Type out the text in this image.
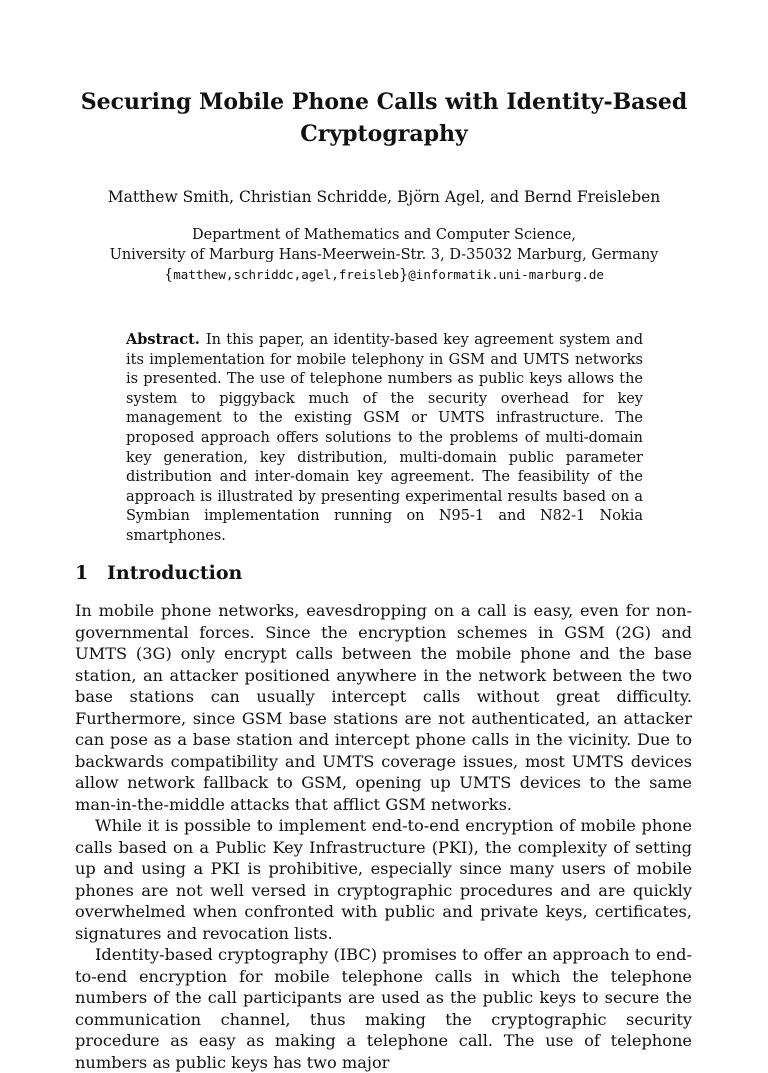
Securing Mobile Phone Calls with Identity-Based Cryptography
Matthew Smith, Christian Schridde, Björn Agel, and Bernd Freisleben
Department of Mathematics and Computer Science,
University of Marburg Hans-Meerwein-Str. 3, D-35032 Marburg, Germany
{matthew,schriddc,agel,freisleb}@informatik.uni-marburg.de

Abstract. In this paper, an identity-based key agreement system and its implementation for mobile telephony in GSM and UMTS networks is presented. The use of telephone numbers as public keys allows the system to piggyback much of the security overhead for key management to the existing GSM or UMTS infrastructure. The proposed approach offers solutions to the problems of multi-domain key generation, key distribution, multi-domain public parameter distribution and inter-domain key agreement. The feasibility of the approach is illustrated by presenting experimental results based on a Symbian implementation running on N95-1 and N82-1 Nokia smartphones.

1 Introduction

In mobile phone networks, eavesdropping on a call is easy, even for non- governmental forces. Since the encryption schemes in GSM (2G) and UMTS (3G) only encrypt calls between the mobile phone and the base station, an attacker positioned anywhere in the network between the two base stations can usually intercept calls without great difficulty. Furthermore, since GSM base stations are not authenticated, an attacker can pose as a base station and intercept phone calls in the vicinity. Due to backwards compatibility and UMTS coverage issues, most UMTS devices allow network fallback to GSM, opening up UMTS devices to the same man-in-the-middle attacks that afflict GSM networks.

While it is possible to implement end-to-end encryption of mobile phone calls based on a Public Key Infrastructure (PKI), the complexity of setting up and using a PKI is prohibitive, especially since many users of mobile phones are not well versed in cryptographic procedures and are quickly overwhelmed when confronted with public and private keys, certificates, signatures and revocation lists.

Identity-based cryptography (IBC) promises to offer an approach to end-to-end encryption for mobile telephone calls in which the telephone numbers of the call participants are used as the public keys to secure the communication channel, thus making the cryptographic security procedure as easy as making a telephone call. The use of telephone numbers as public keys has two major
